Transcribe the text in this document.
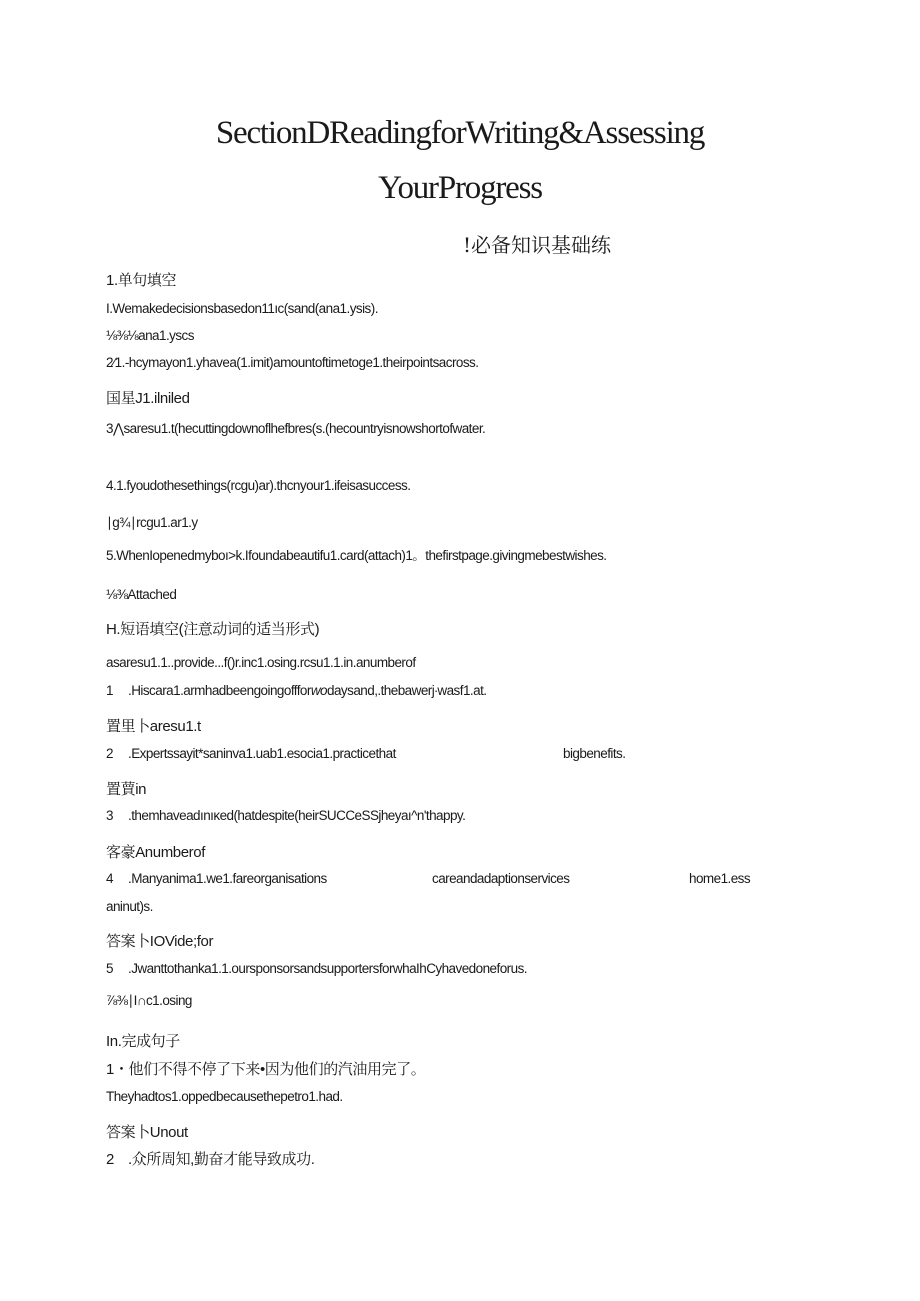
SectionDReadingforWriting&Assessing
YourProgress
!必备知识基础练
1.单句填空
I.Wemakedecisionsbasedon11ıc(sand(ana1.ysis).
⅛⅜⅛ana1.yscs
2∕1.-hcymayon1.yhavea(1.imit)amountoftimetoge1.theirpointsacross.
国星J1.ilniled
3⋀saresu1.t(hecuttingdownoflhefbres(s.(hecountryisnowshortofwater.
4.1.fyoudothesethings(rcgu)ar).thcnyour1.ifeisasuccess.
∣g¾∣rcgu1.ar1.y
5.WhenIopenedmyboı>k.Ifoundabeautifu1.card(attach)1。thefirstpage.givingmebestwishes.
⅛⅜Attached
H.短语填空(注意动词的适当形式)
asaresu1.1..provide...f()r.inc1.osing.rcsu1.1.in.anumberof
1 .Hiscara1.armhadbeengoingoffforwodaysand,.thebawerj∙wasf1.at.
置里卜aresu1.t
2 .Expertssayit*saninva1.uab1.esocia1.practicethat	bigbenefits.
置蕒in
3 .themhaveadınıκed(hatdespite(heirSUCCeSSjheyaı^n'thappy.
客豪Anumberof
4 .Manyanima1.we1.fareorganisations	careandadaptionservices	home1.ess
aninut)s.
答案卜IOVide;for
5 .Jwanttothanka1.1.oursponsorsandsupportersforwhaIhCyhavedoneforus.
⅞⅜∣I∩c1.osing
In.完成句子
1・他们不得不停了下来•因为他们的汽油用完了。
Theyhadtos1.oppedbecausethepetro1.had.
答案卜Unout
2 .众所周知,勤奋才能导致成功.
